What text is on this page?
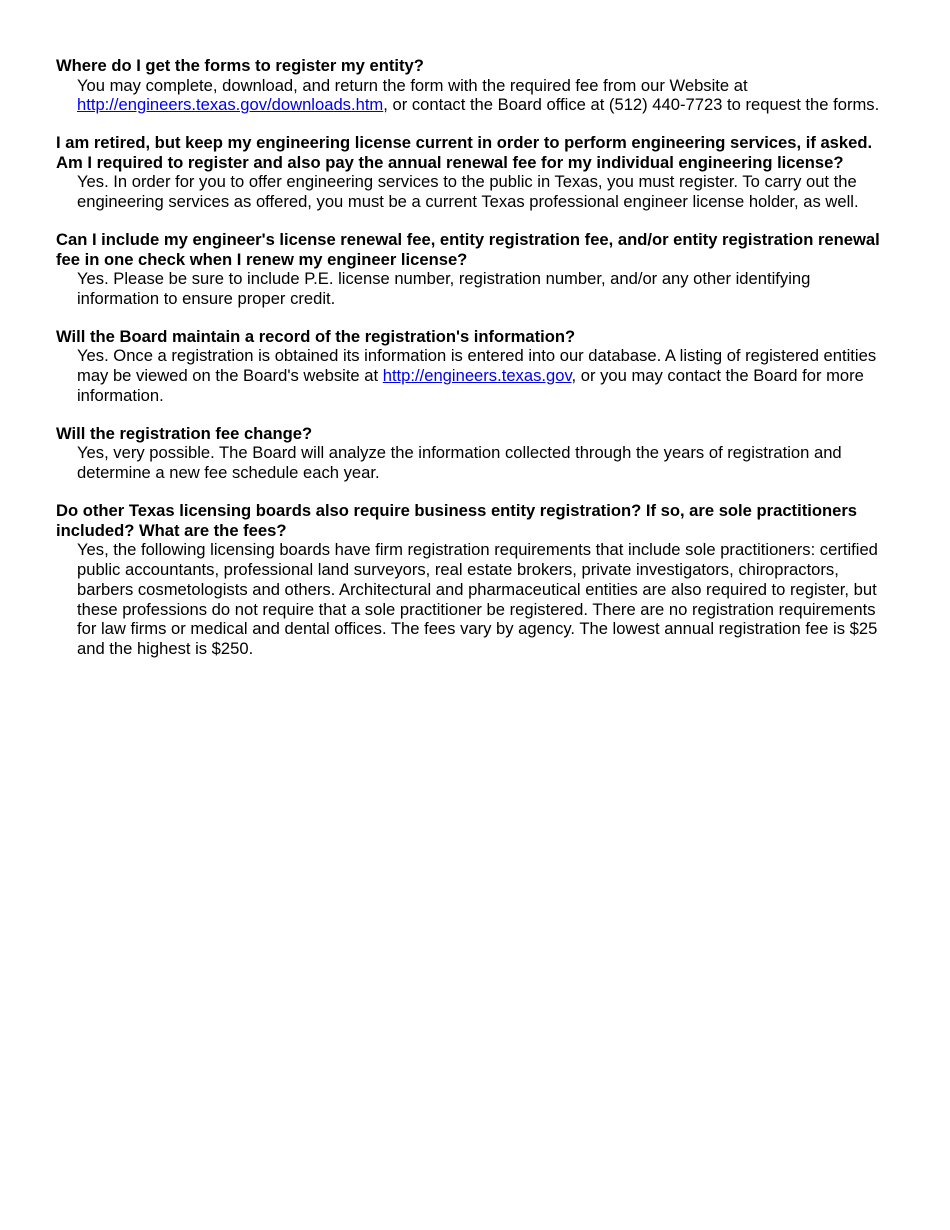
Where do I get the forms to register my entity?

You may complete, download, and return the form with the required fee from our Website at http://engineers.texas.gov/downloads.htm, or contact the Board office at (512) 440-7723 to request the forms.

I am retired, but keep my engineering license current in order to perform engineering services, if asked. Am I required to register and also pay the annual renewal fee for my individual engineering license?

Yes. In order for you to offer engineering services to the public in Texas, you must register. To carry out the engineering services as offered, you must be a current Texas professional engineer license holder, as well.

Can I include my engineer's license renewal fee, entity registration fee, and/or entity registration renewal fee in one check when I renew my engineer license?

Yes. Please be sure to include P.E. license number, registration number, and/or any other identifying information to ensure proper credit.

Will the Board maintain a record of the registration's information?

Yes. Once a registration is obtained its information is entered into our database. A listing of registered entities may be viewed on the Board's website at http://engineers.texas.gov, or you may contact the Board for more information.

Will the registration fee change?

Yes, very possible. The Board will analyze the information collected through the years of registration and determine a new fee schedule each year.

Do other Texas licensing boards also require business entity registration? If so, are sole practitioners included? What are the fees?

Yes, the following licensing boards have firm registration requirements that include sole practitioners: certified public accountants, professional land surveyors, real estate brokers, private investigators, chiropractors, barbers cosmetologists and others. Architectural and pharmaceutical entities are also required to register, but these professions do not require that a sole practitioner be registered. There are no registration requirements for law firms or medical and dental offices. The fees vary by agency. The lowest annual registration fee is $25 and the highest is $250.
